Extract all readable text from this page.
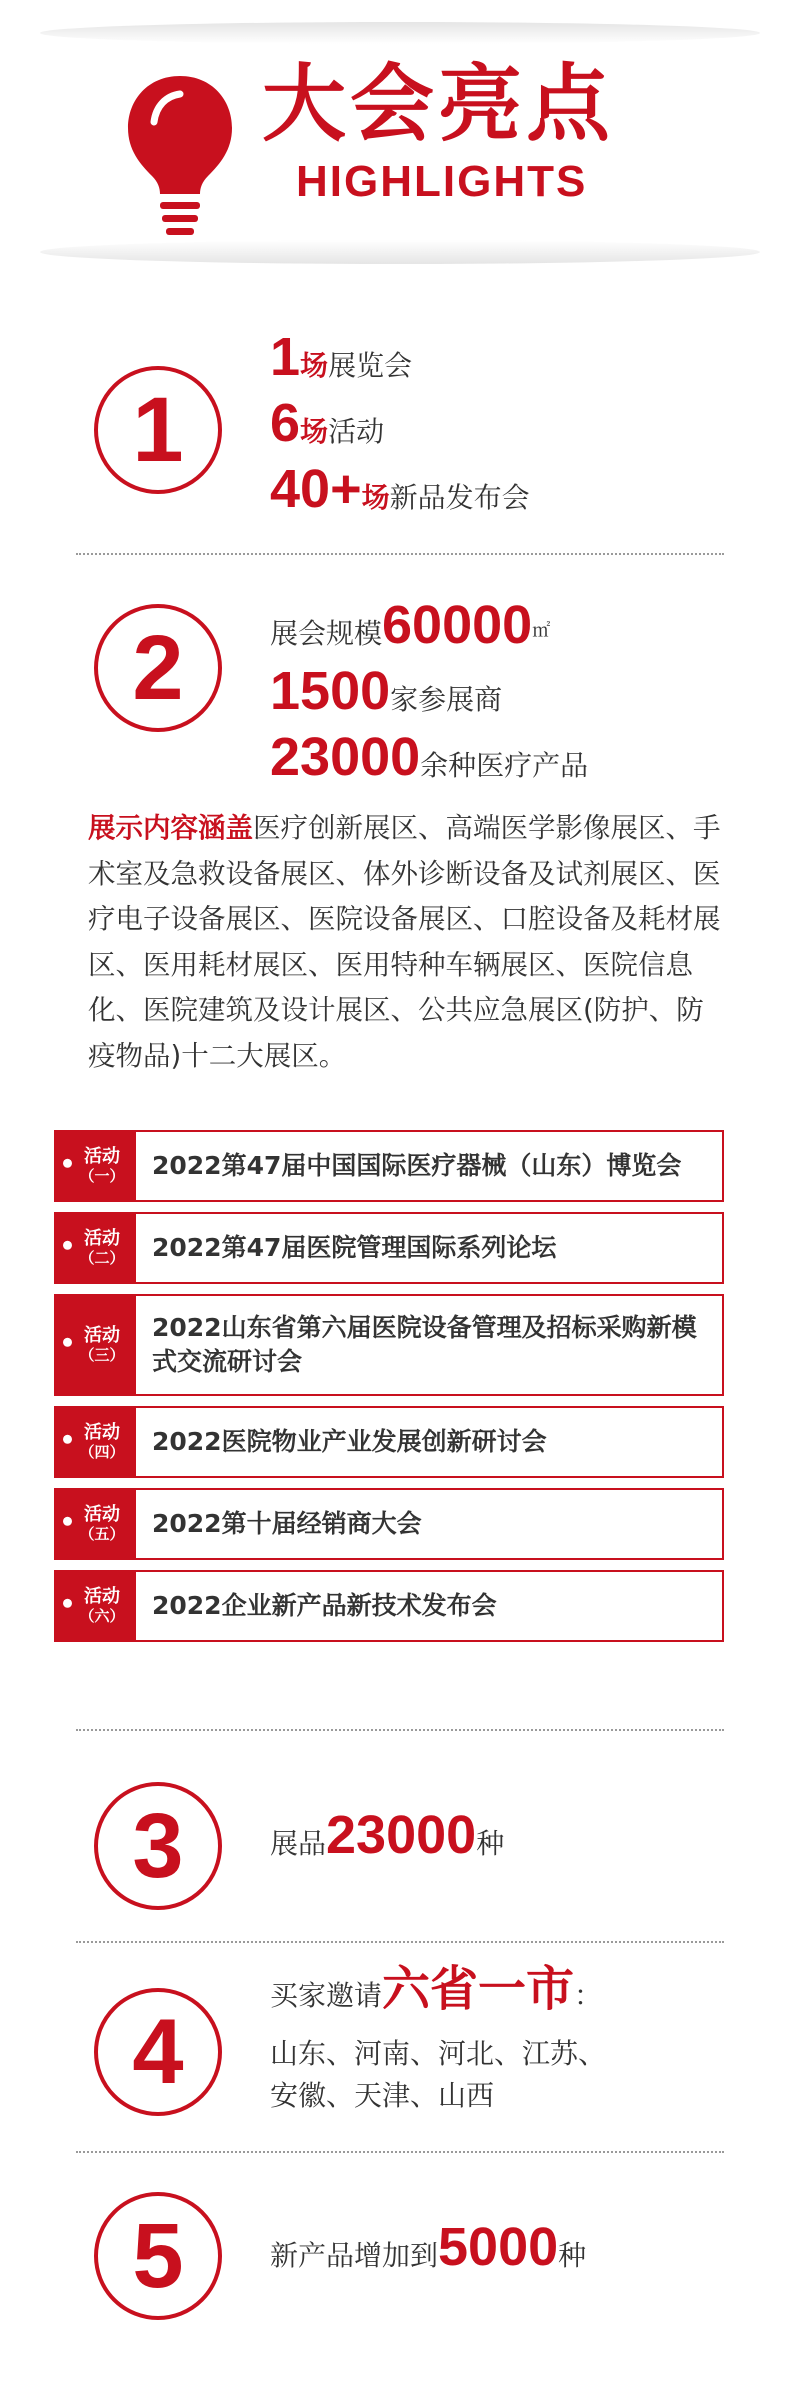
大会亮点
HIGHLIGHTS
1
1场展览会
6场活动
40+场新品发布会
2	展会规模60000㎡
1500家参展商
23000余种医疗产品
展示内容涵盖医疗创新展区、高端医学影像展区、手术室及急救设备展区、体外诊断设备及试剂展区、医疗电子设备展区、医院设备展区、口腔设备及耗材展区、医用耗材展区、医用特种车辆展区、医院信息化、医院建筑及设计展区、公共应急展区(防护、防疫物品)十二大展区。
活动
（一）	2022第47届中国国际医疗器械（山东）博览会
活动
（二）	2022第47届医院管理国际系列论坛
活动
（三）
2022山东省第六届医院设备管理及招标采购新模式交流研讨会
活动
（四）	2022医院物业产业发展创新研讨会
活动
（五）	2022第十届经销商大会
活动
（六）	2022企业新产品新技术发布会
3	展品23000种
4
买家邀请六省一市：
山东、河南、河北、江苏、
安徽、天津、山西
5	新产品增加到5000种
